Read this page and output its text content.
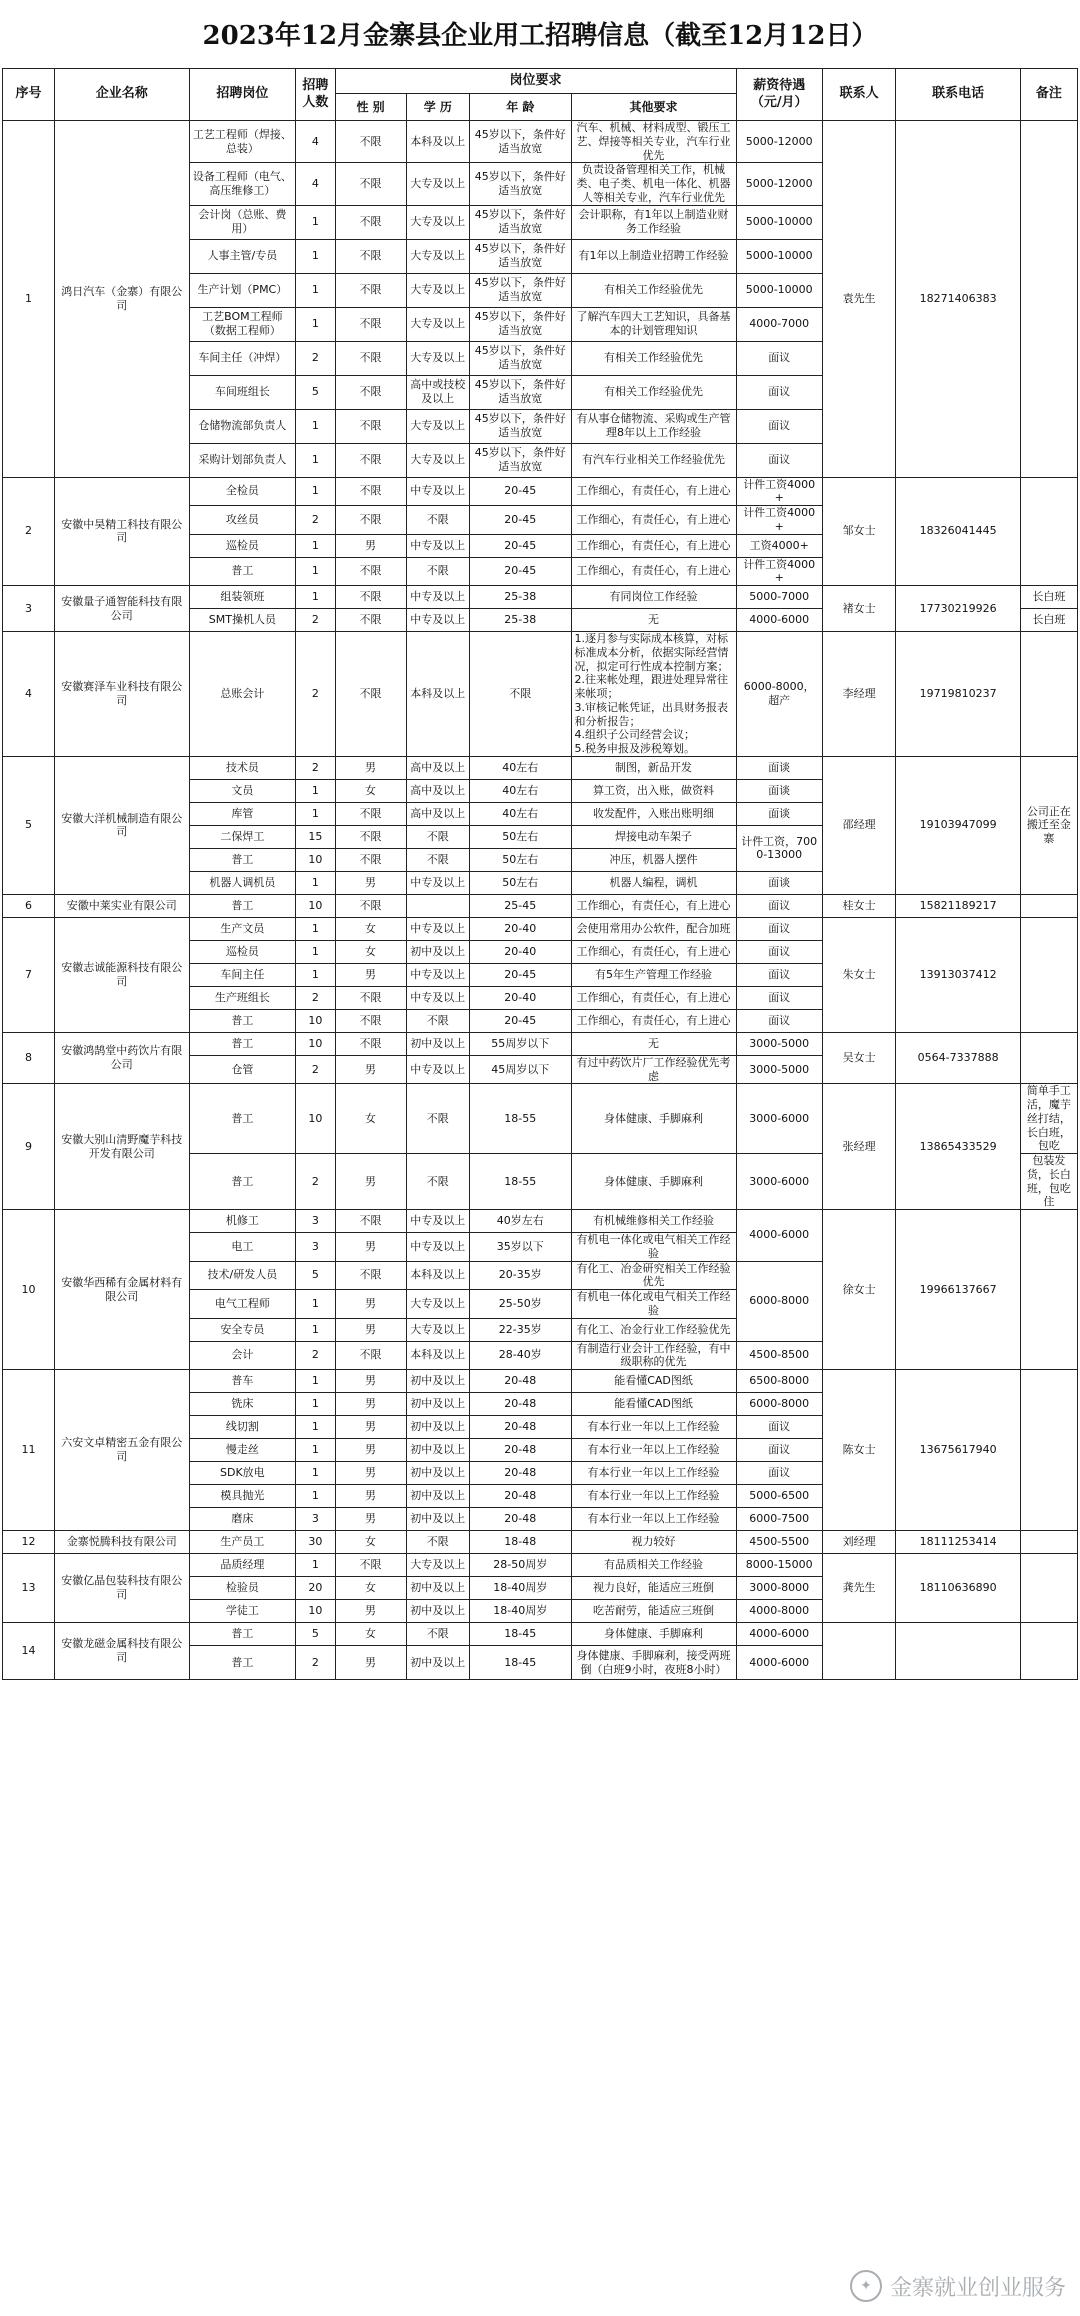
2023年12月金寨县企业用工招聘信息（截至12月12日）
序号	企业名称	招聘岗位	招聘人数	岗位要求				薪资待遇（元/月）	联系人	联系电话	备注
				性 别	学 历	年 龄	其他要求				
1	鸿日汽车（金寨）有限公司	工艺工程师（焊接、总装）	4	不限	本科及以上	45岁以下，条件好适当放宽	汽车、机械、材料成型、锻压工艺、焊接等相关专业，汽车行业优先	5000-12000	袁先生	18271406383	
		设备工程师（电气、高压维修工）	4	不限	大专及以上	45岁以下，条件好适当放宽	负责设备管理相关工作，机械类、电子类、机电一体化、机器人等相关专业，汽车行业优先	5000-12000			
		会计岗（总账、费用）	1	不限	大专及以上	45岁以下，条件好适当放宽	会计职称，有1年以上制造业财务工作经验	5000-10000			
		人事主管/专员	1	不限	大专及以上	45岁以下，条件好适当放宽	有1年以上制造业招聘工作经验	5000-10000			
		生产计划（PMC）	1	不限	大专及以上	45岁以下，条件好适当放宽	有相关工作经验优先	5000-10000			
		工艺BOM工程师（数据工程师）	1	不限	大专及以上	45岁以下，条件好适当放宽	了解汽车四大工艺知识，具备基本的计划管理知识	4000-7000			
		车间主任（冲焊）	2	不限	大专及以上	45岁以下，条件好适当放宽	有相关工作经验优先	面议			
		车间班组长	5	不限	高中或技校及以上	45岁以下，条件好适当放宽	有相关工作经验优先	面议			
		仓储物流部负责人	1	不限	大专及以上	45岁以下，条件好适当放宽	有从事仓储物流、采购或生产管理8年以上工作经验	面议			
		采购计划部负责人	1	不限	大专及以上	45岁以下，条件好适当放宽	有汽车行业相关工作经验优先	面议			
2	安徽中昊精工科技有限公司	全检员	1	不限	中专及以上	20-45	工作细心，有责任心，有上进心	计件工资4000+	邹女士	18326041445	
		攻丝员	2	不限	不限	20-45	工作细心，有责任心，有上进心	计件工资4000+			
		巡检员	1	男	中专及以上	20-45	工作细心，有责任心，有上进心	工资4000+			
		普工	1	不限	不限	20-45	工作细心，有责任心，有上进心	计件工资4000+			
3	安徽量子通智能科技有限公司	组装领班	1	不限	中专及以上	25-38	有同岗位工作经验	5000-7000	褚女士	17730219926	长白班
		SMT操机人员	2	不限	中专及以上	25-38	无	4000-6000			长白班
4	安徽赛泽车业科技有限公司	总账会计	2	不限	本科及以上	不限	1.逐月参与实际成本核算，对标标准成本分析，依据实际经营情况，拟定可行性成本控制方案；
2.往来帐处理，跟进处理异常往来帐项；
3.审核记帐凭证，出具财务报表和分析报告；
4.组织子公司经营会议；
5.税务申报及涉税筹划。	6000-8000，超产	李经理	19719810237	
5	安徽大洋机械制造有限公司	技术员	2	男	高中及以上	40左右	制图，新品开发	面谈	邵经理	19103947099	公司正在搬迁至金寨
		文员	1	女	高中及以上	40左右	算工资，出入账，做资料	面谈			
		库管	1	不限	高中及以上	40左右	收发配件，入账出账明细	面谈			
		二保焊工	15	不限	不限	50左右	焊接电动车架子	计件工资，7000-13000			
		普工	10	不限	不限	50左右	冲压，机器人摆件				
		机器人调机员	1	男	中专及以上	50左右	机器人编程，调机	面谈			
6	安徽中莱实业有限公司	普工	10	不限		25-45	工作细心，有责任心，有上进心	面议	桂女士	15821189217	
7	安徽志诚能源科技有限公司	生产文员	1	女	中专及以上	20-40	会使用常用办公软件，配合加班	面议	朱女士	13913037412	
		巡检员	1	女	初中及以上	20-40	工作细心，有责任心，有上进心	面议			
		车间主任	1	男	中专及以上	20-45	有5年生产管理工作经验	面议			
		生产班组长	2	不限	中专及以上	20-40	工作细心，有责任心，有上进心	面议			
		普工	10	不限	不限	20-45	工作细心，有责任心，有上进心	面议			
8	安徽鸿鹄堂中药饮片有限公司	普工	10	不限	初中及以上	55周岁以下	无	3000-5000	吴女士	0564-7337888	
		仓管	2	男	中专及以上	45周岁以下	有过中药饮片厂工作经验优先考虑	3000-5000			
9	安徽大别山清野魔芋科技开发有限公司	普工	10	女	不限	18-55	身体健康、手脚麻利	3000-6000	张经理	13865433529	简单手工活，魔芋丝打结，长白班，包吃
		普工	2	男	不限	18-55	身体健康、手脚麻利	3000-6000			包装发货，长白班，包吃住
10	安徽华西稀有金属材料有限公司	机修工	3	不限	中专及以上	40岁左右	有机械维修相关工作经验	4000-6000	徐女士	19966137667	
		电工	3	男	中专及以上	35岁以下	有机电一体化或电气相关工作经验				
		技术/研发人员	5	不限	本科及以上	20-35岁	有化工、冶金研究相关工作经验优先	6000-8000			
		电气工程师	1	男	大专及以上	25-50岁	有机电一体化或电气相关工作经验				
		安全专员	1	男	大专及以上	22-35岁	有化工、冶金行业工作经验优先				
		会计	2	不限	本科及以上	28-40岁	有制造行业会计工作经验，有中级职称的优先	4500-8500			
11	六安文卓精密五金有限公司	普车	1	男	初中及以上	20-48	能看懂CAD图纸	6500-8000	陈女士	13675617940	
		铣床	1	男	初中及以上	20-48	能看懂CAD图纸	6000-8000			
		线切割	1	男	初中及以上	20-48	有本行业一年以上工作经验	面议			
		慢走丝	1	男	初中及以上	20-48	有本行业一年以上工作经验	面议			
		SDK放电	1	男	初中及以上	20-48	有本行业一年以上工作经验	面议			
		模具抛光	1	男	初中及以上	20-48	有本行业一年以上工作经验	5000-6500			
		磨床	3	男	初中及以上	20-48	有本行业一年以上工作经验	6000-7500			
12	金寨悦腾科技有限公司	生产员工	30	女	不限	18-48	视力较好	4500-5500	刘经理	18111253414	
13	安徽亿晶包装科技有限公司	品质经理	1	不限	大专及以上	28-50周岁	有品质相关工作经验	8000-15000	龚先生	18110636890	
		检验员	20	女	初中及以上	18-40周岁	视力良好，能适应三班倒	3000-8000			
		学徒工	10	男	初中及以上	18-40周岁	吃苦耐劳，能适应三班倒	4000-8000			
14	安徽龙磁金属科技有限公司	普工	5	女	不限	18-45	身体健康、手脚麻利	4000-6000			
		普工	2	男	初中及以上	18-45	身体健康、手脚麻利，接受两班倒（白班9小时，夜班8小时）	4000-6000			
✦ 金寨就业创业服务
